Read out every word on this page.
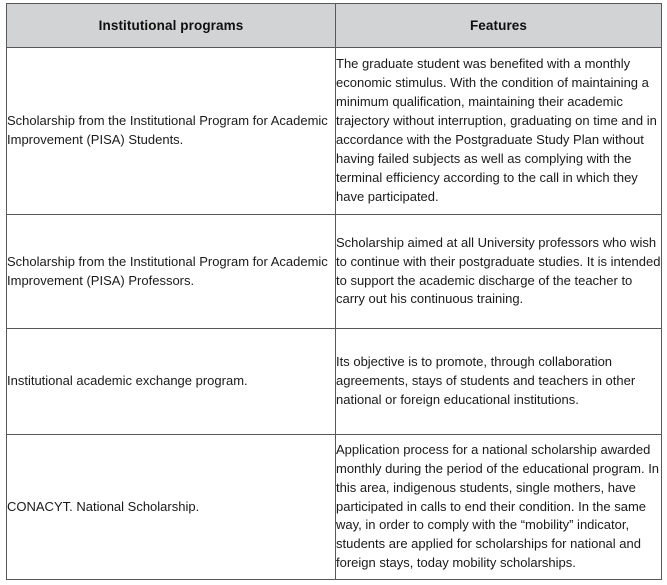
Institutional programs	Features

Scholarship from the Institutional Program for Academic Improvement (PISA) Students.	The graduate student was benefited with a monthly economic stimulus. With the condition of maintaining a minimum qualification, maintaining their academic trajectory without interruption, graduating on time and in accordance with the Postgraduate Study Plan without having failed subjects as well as complying with the terminal efficiency according to the call in which they have participated.

Scholarship from the Institutional Program for Academic Improvement (PISA) Professors.	Scholarship aimed at all University professors who wish to continue with their postgraduate studies. It is intended to support the academic discharge of the teacher to carry out his continuous training.

Institutional academic exchange program.	Its objective is to promote, through collaboration agreements, stays of students and teachers in other national or foreign educational institutions.

CONACYT. National Scholarship.	Application process for a national scholarship awarded monthly during the period of the educational program. In this area, indigenous students, single mothers, have participated in calls to end their condition. In the same way, in order to comply with the “mobility” indicator, students are applied for scholarships for national and foreign stays, today mobility scholarships.
